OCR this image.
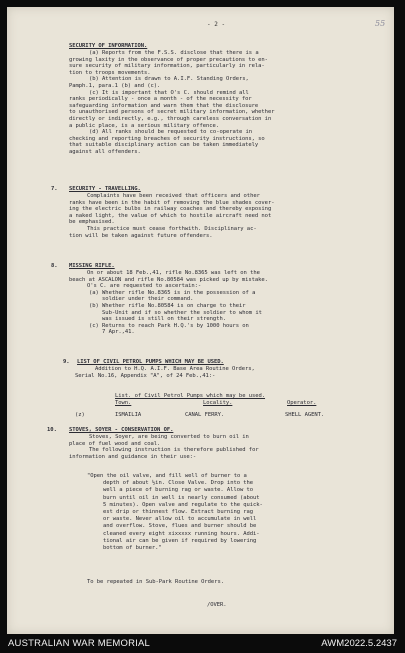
- 2 -	55
SECURITY OF INFORMATION.
7. SECURITY - TRAVELLING.
8. MISSING RIFLE.
9. LIST OF CIVIL PETROL PUMPS WHICH MAY BE USED.
List. of Civil Petrol Pumps which may be used.
Town.	Locality.	Operator.
(z)	ISMAILIA	CANAL FERRY.	SHELL AGENT.
10. STOVES, SOYER - CONSERVATION OF.
To be repeated in Sub-Park Routine Orders.
/OVER.
(a) Reports from the F.S.S. disclose that there is a
growing laxity in the observance of proper precautions to en-
sure security of military information, particularly in rela-
tion to troops movements.
(b) Attention is drawn to A.I.F. Standing Orders,
Pamph.1, para.1 (b) and (c).
(c) It is important that O's C. should remind all
ranks periodically - once a month - of the necessity for
safeguarding information and warn them that the disclosure
to unauthorised persons of secret military information, whether
directly or indirectly, e.g., through careless conversation in
a public place, is a serious military offence.
(d) All ranks should be requested to co-operate in
checking and reporting breaches of security instructions, so
that suitable disciplinary action can be taken immediately
against all offenders.
Complaints have been received that officers and other
ranks have been in the habit of removing the blue shades cover-
ing the electric bulbs in railway coaches and thereby exposing
a naked light, the value of which to hostile aircraft need not
be emphasised.
This practice must cease forthwith. Disciplinary ac-
tion will be taken against future offenders.
On or about 18 Feb.,41, rifle No.8365 was left on the
beach at ASCALON and rifle No.80584 was picked up by mistake.
O's C. are requested to ascertain:-
(a) Whether rifle No.8365 is in the possession of a
soldier under their command.
(b) Whether rifle No.80584 is on charge to their
Sub-Unit and if so whether the soldier to whom it
was issued is still on their strength.
(c) Returns to reach Park H.Q.'s by 1000 hours on
7 Apr.,41.
Addition to H.Q. A.I.F. Base Area Routine Orders,
Serial No.16, Appendix "A", of 24 Feb.,41:-
Stoves, Soyer, are being converted to burn oil in
place of fuel wood and coal.
The following instruction is therefore published for
information and guidance in their use:-
"Open the oil valve, and fill well of burner to a
depth of about ½in. Close Valve. Drop into the
well a piece of burning rag or waste. Allow to
burn until oil in well is nearly consumed (about
5 minutes). Open valve and regulate to the quick-
est drip or thinnest flow. Extract burning rag
or waste. Never allow oil to accumulate in well
and overflow. Stove, flues and burner should be
cleaned every eight xixxxxx running hours. Addi-
tional air can be given if required by lowering
bottom of burner."
AUSTRALIAN WAR MEMORIAL	AWM2022.5.2437
